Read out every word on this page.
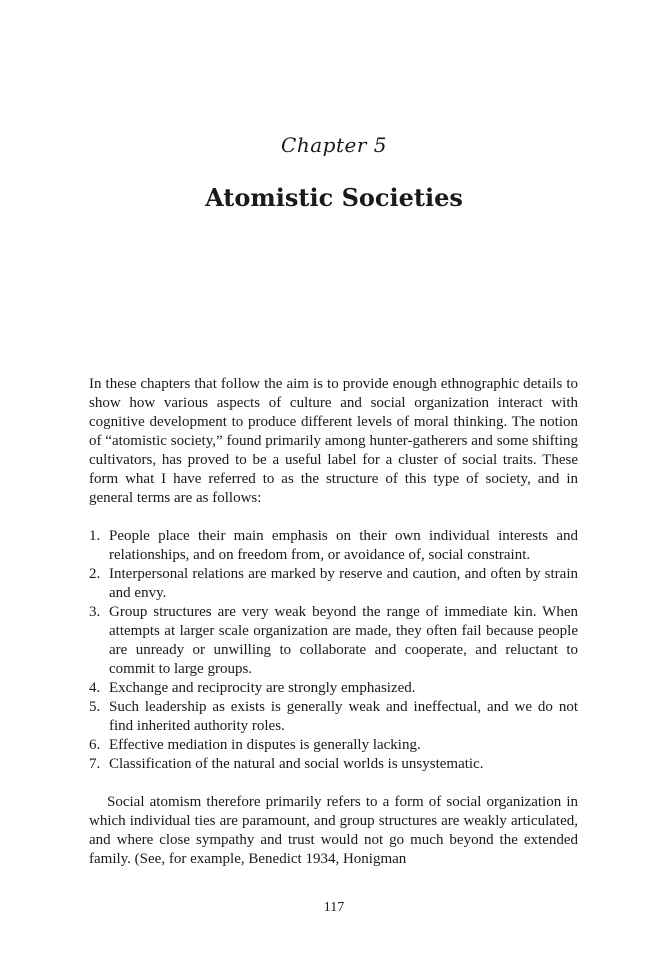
Chapter 5
Atomistic Societies

In these chapters that follow the aim is to provide enough ethnographic details to show how various aspects of culture and social organization interact with cognitive development to produce different levels of moral thinking. The notion of “atomistic society,” found primarily among hunter-gatherers and some shifting cultivators, has proved to be a useful label for a cluster of social traits. These form what I have referred to as the structure of this type of society, and in general terms are as follows:

1. People place their main emphasis on their own individual interests and relationships, and on freedom from, or avoidance of, social constraint.
2. Interpersonal relations are marked by reserve and caution, and often by strain and envy.
3. Group structures are very weak beyond the range of immediate kin. When attempts at larger scale organization are made, they often fail because people are unready or unwilling to collaborate and cooperate, and reluctant to commit to large groups.
4. Exchange and reciprocity are strongly emphasized.
5. Such leadership as exists is generally weak and ineffectual, and we do not find inherited authority roles.
6. Effective mediation in disputes is generally lacking.
7. Classification of the natural and social worlds is unsystematic.

Social atomism therefore primarily refers to a form of social organization in which individual ties are paramount, and group structures are weakly articulated, and where close sympathy and trust would not go much beyond the extended family. (See, for example, Benedict 1934, Honigman

117
